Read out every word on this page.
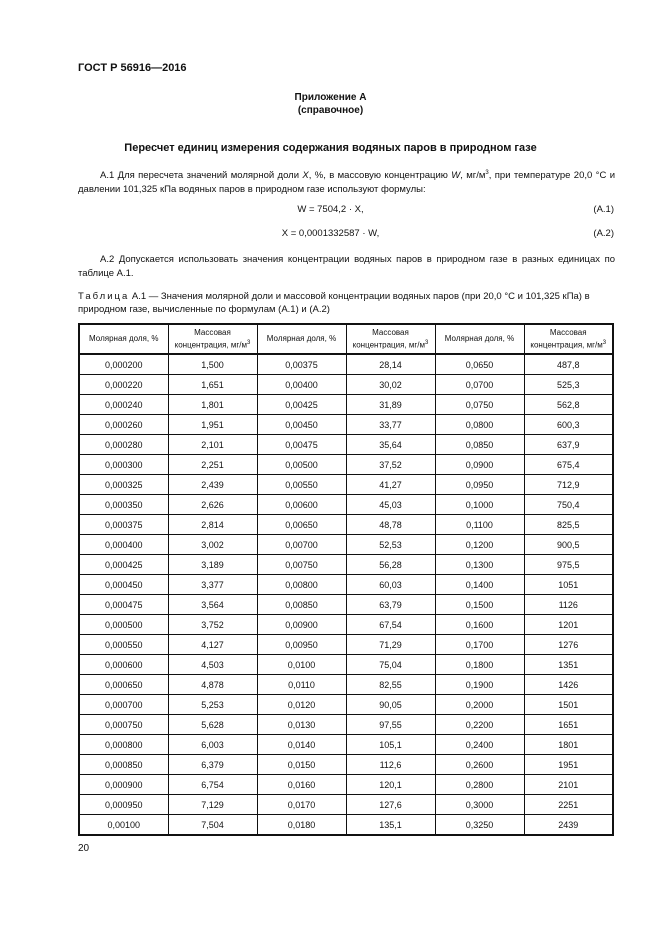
ГОСТ Р 56916—2016
Приложение А
(справочное)
Пересчет единиц измерения содержания водяных паров в природном газе
А.1 Для пересчета значений молярной доли X, %, в массовую концентрацию W, $мг/м^3$, при температуре 20,0 °С и давлении 101,325 кПа водяных паров в природном газе используют формулы:
W = 7504,2 · X,	(А.1)
X = 0,0001332587 · W,	(А.2)
А.2 Допускается использовать значения концентрации водяных паров в природном газе в разных единицах по таблице А.1.
Таблица А.1 — Значения молярной доли и массовой концентрации водяных паров (при 20,0 °С и 101,325 кПа) в природном газе, вычисленные по формулам (А.1) и (А.2)
Молярная доля, %	Массовая концентрация, $мг/м^3$	Молярная доля, %	Массовая концентрация, $мг/м^3$	Молярная доля, %	Массовая концентрация, $мг/м^3$
0,000200	1,500	0,00375	28,14	0,0650	487,8
0,000220	1,651	0,00400	30,02	0,0700	525,3
0,000240	1,801	0,00425	31,89	0,0750	562,8
0,000260	1,951	0,00450	33,77	0,0800	600,3
0,000280	2,101	0,00475	35,64	0,0850	637,9
0,000300	2,251	0,00500	37,52	0,0900	675,4
0,000325	2,439	0,00550	41,27	0,0950	712,9
0,000350	2,626	0,00600	45,03	0,1000	750,4
0,000375	2,814	0,00650	48,78	0,1100	825,5
0,000400	3,002	0,00700	52,53	0,1200	900,5
0,000425	3,189	0,00750	56,28	0,1300	975,5
0,000450	3,377	0,00800	60,03	0,1400	1051
0,000475	3,564	0,00850	63,79	0,1500	1126
0,000500	3,752	0,00900	67,54	0,1600	1201
0,000550	4,127	0,00950	71,29	0,1700	1276
0,000600	4,503	0,0100	75,04	0,1800	1351
0,000650	4,878	0,0110	82,55	0,1900	1426
0,000700	5,253	0,0120	90,05	0,2000	1501
0,000750	5,628	0,0130	97,55	0,2200	1651
0,000800	6,003	0,0140	105,1	0,2400	1801
0,000850	6,379	0,0150	112,6	0,2600	1951
0,000900	6,754	0,0160	120,1	0,2800	2101
0,000950	7,129	0,0170	127,6	0,3000	2251
0,00100	7,504	0,0180	135,1	0,3250	2439
20
